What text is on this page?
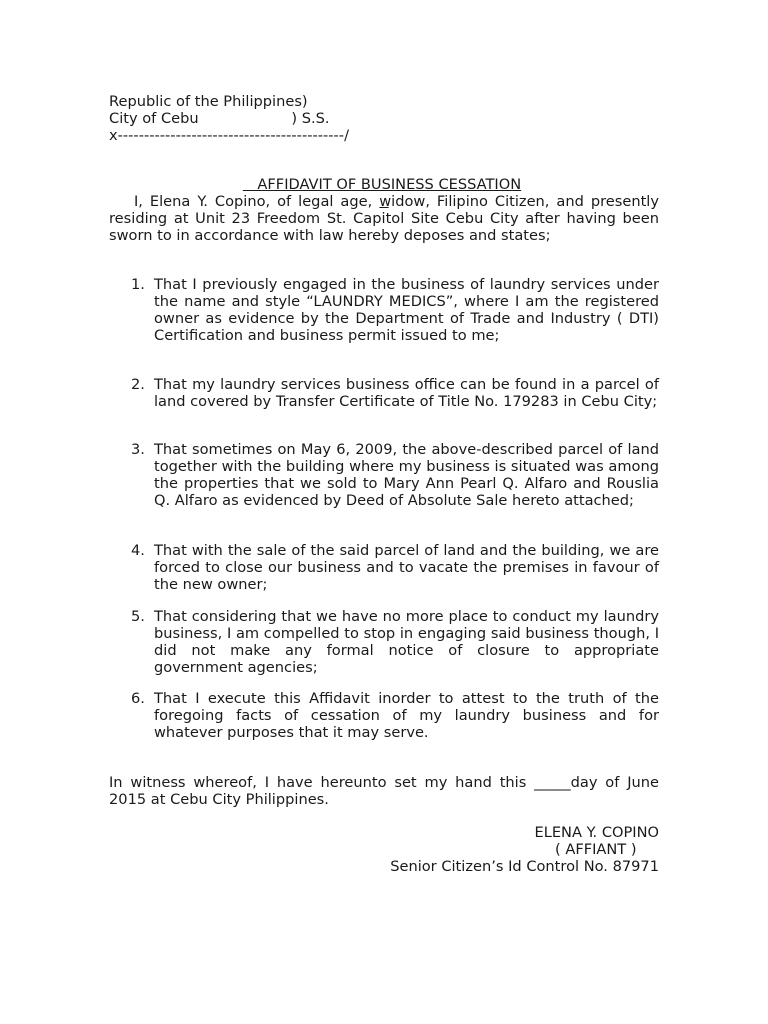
Republic of the Philippines)
City of Cebu                    ) S.S.
x-------------------------------------------/

AFFIDAVIT OF BUSINESS CESSATION

I, Elena Y. Copino, of legal age, widow, Filipino Citizen, and presently residing at Unit 23 Freedom St. Capitol Site Cebu City after having been sworn to in accordance with law hereby deposes and states;

1. That I previously engaged in the business of laundry services under the name and style “LAUNDRY MEDICS”, where I am the registered owner as evidence by the Department of Trade and Industry ( DTI) Certification and business permit issued to me;
2. That my laundry services business office can be found in a parcel of land covered by Transfer Certificate of Title No. 179283 in Cebu City;
3. That sometimes on May 6, 2009, the above-described parcel of land together with the building where my business is situated was among the properties that we sold to Mary Ann Pearl Q. Alfaro and Rouslia Q. Alfaro as evidenced by Deed of Absolute Sale hereto attached;
4. That with the sale of the said parcel of land and the building, we are forced to close our business and to vacate the premises in favour of the new owner;
5. That considering that we have no more place to conduct my laundry business, I am compelled to stop in engaging said business though, I did not make any formal notice of closure to appropriate government agencies;
6. That I execute this Affidavit inorder to attest to the truth of the foregoing facts of cessation of my laundry business and for whatever purposes that it may serve.
In witness whereof, I have hereunto set my hand this _____day of June 2015 at Cebu City Philippines.
ELENA Y. COPINO
( AFFIANT )
Senior Citizen’s Id Control No. 87971
